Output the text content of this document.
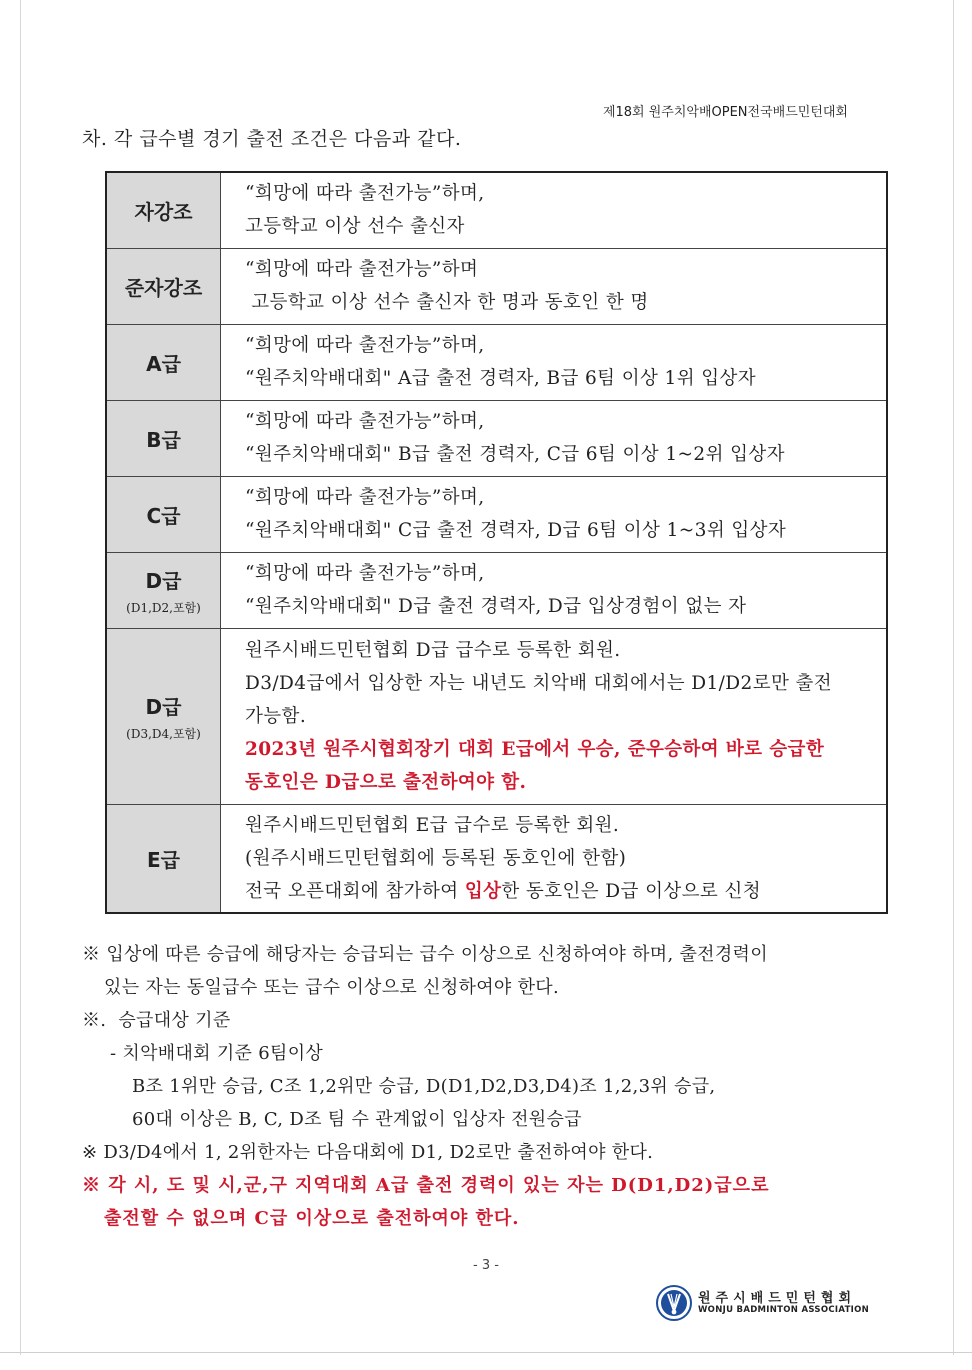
제18회 원주치악배OPEN전국배드민턴대회
차. 각 급수별 경기 출전 조건은 다음과 같다.
자강조	“희망에 따라 출전가능”하며,
고등학교 이상 선수 출신자

준자강조	“희망에 따라 출전가능”하며
고등학교 이상 선수 출신자 한 명과 동호인 한 명

A급	“희망에 따라 출전가능”하며,
“원주치악배대회" A급 출전 경력자, B급 6팀 이상 1위 입상자

B급	“희망에 따라 출전가능”하며,
“원주치악배대회" B급 출전 경력자, C급 6팀 이상 1~2위 입상자

C급	“희망에 따라 출전가능”하며,
“원주치악배대회" C급 출전 경력자, D급 6팀 이상 1~3위 입상자

D급
(D1,D2,포함)	“희망에 따라 출전가능”하며,
“원주치악배대회" D급 출전 경력자, D급 입상경험이 없는 자

D급
(D3,D4,포함)	원주시배드민턴협회 D급 급수로 등록한 회원.
D3/D4급에서 입상한 자는 내년도 치악배 대회에서는 D1/D2로만 출전
가능함.
2023년 원주시협회장기 대회 E급에서 우승, 준우승하여 바로 승급한
동호인은 D급으로 출전하여야 함.

E급	원주시배드민턴협회 E급 급수로 등록한 회원.
(원주시배드민턴협회에 등록된 동호인에 한함)
전국 오픈대회에 참가하여 입상한 동호인은 D급 이상으로 신청
※ 입상에 따른 승급에 해당자는 승급되는 급수 이상으로 신청하여야 하며, 출전경력이
있는 자는 동일급수 또는 급수 이상으로 신청하여야 한다.
※.  승급대상 기준
- 치악배대회 기준 6팀이상
B조 1위만 승급, C조 1,2위만 승급, D(D1,D2,D3,D4)조 1,2,3위 승급,
60대 이상은 B, C, D조 팀 수 관계없이 입상자 전원승급
※ D3/D4에서 1, 2위한자는 다음대회에 D1, D2로만 출전하여야 한다.
※ 각 시, 도 및 시,군,구 지역대회 A급 출전 경력이 있는 자는 D(D1,D2)급으로
출전할 수 없으며 C급 이상으로 출전하여야 한다.
- 3 -
원주시배드민턴협회
WONJU BADMINTON ASSOCIATION
